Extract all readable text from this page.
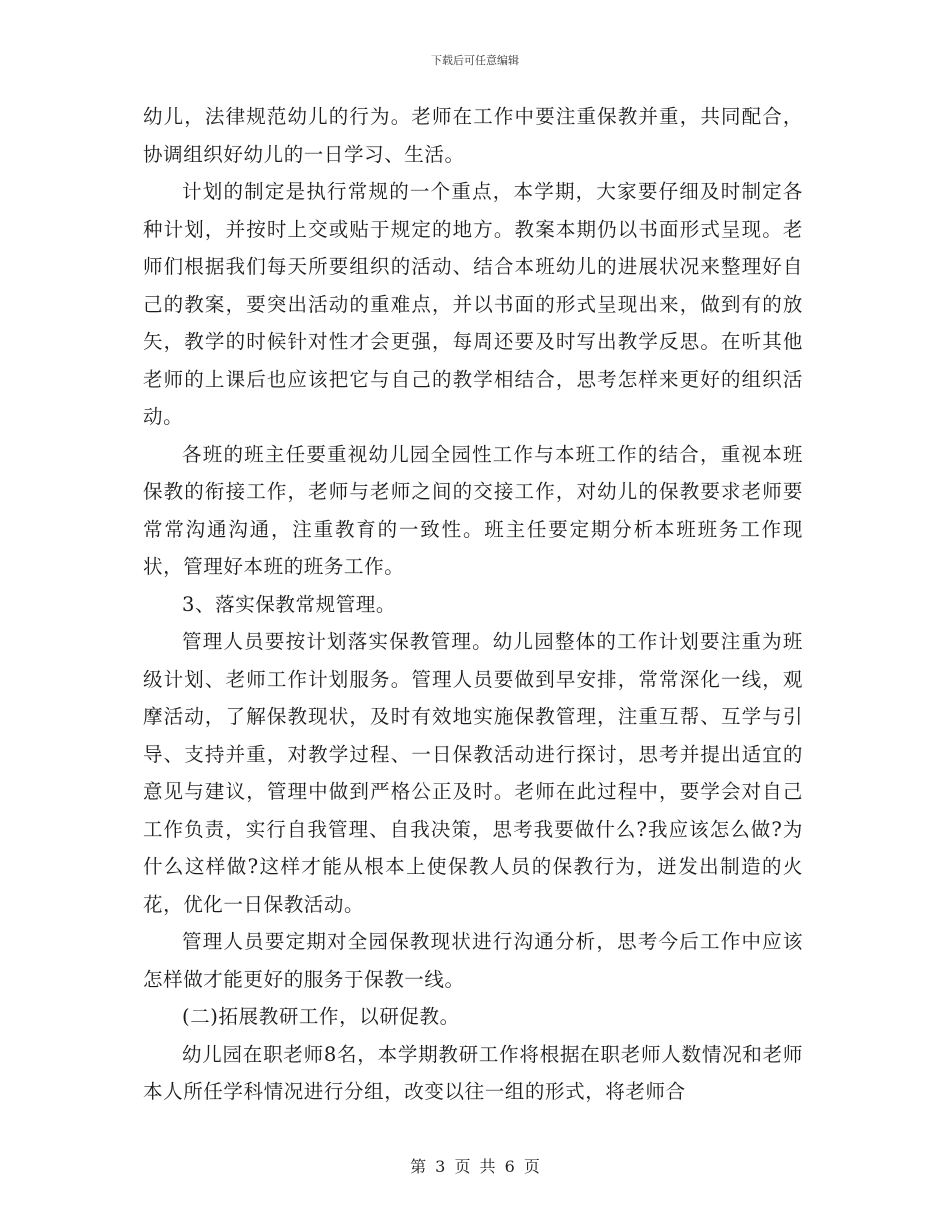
下载后可任意编辑

幼儿，法律规范幼儿的行为。老师在工作中要注重保教并重，共同配合，协调组织好幼儿的一日学习、生活。

计划的制定是执行常规的一个重点，本学期，大家要仔细及时制定各种计划，并按时上交或贴于规定的地方。教案本期仍以书面形式呈现。老师们根据我们每天所要组织的活动、结合本班幼儿的进展状况来整理好自己的教案，要突出活动的重难点，并以书面的形式呈现出来，做到有的放矢，教学的时候针对性才会更强，每周还要及时写出教学反思。在听其他老师的上课后也应该把它与自己的教学相结合，思考怎样来更好的组织活动。

各班的班主任要重视幼儿园全园性工作与本班工作的结合，重视本班保教的衔接工作，老师与老师之间的交接工作，对幼儿的保教要求老师要常常沟通沟通，注重教育的一致性。班主任要定期分析本班班务工作现状，管理好本班的班务工作。

3、落实保教常规管理。

管理人员要按计划落实保教管理。幼儿园整体的工作计划要注重为班级计划、老师工作计划服务。管理人员要做到早安排，常常深化一线，观摩活动，了解保教现状，及时有效地实施保教管理，注重互帮、互学与引导、支持并重，对教学过程、一日保教活动进行探讨，思考并提出适宜的意见与建议，管理中做到严格公正及时。老师在此过程中，要学会对自己工作负责，实行自我管理、自我决策，思考我要做什么?我应该怎么做?为什么这样做?这样才能从根本上使保教人员的保教行为，迸发出制造的火花，优化一日保教活动。

管理人员要定期对全园保教现状进行沟通分析，思考今后工作中应该怎样做才能更好的服务于保教一线。

(二)拓展教研工作，以研促教。

幼儿园在职老师8名，本学期教研工作将根据在职老师人数情况和老师本人所任学科情况进行分组，改变以往一组的形式，将老师合

第 3 页 共 6 页
